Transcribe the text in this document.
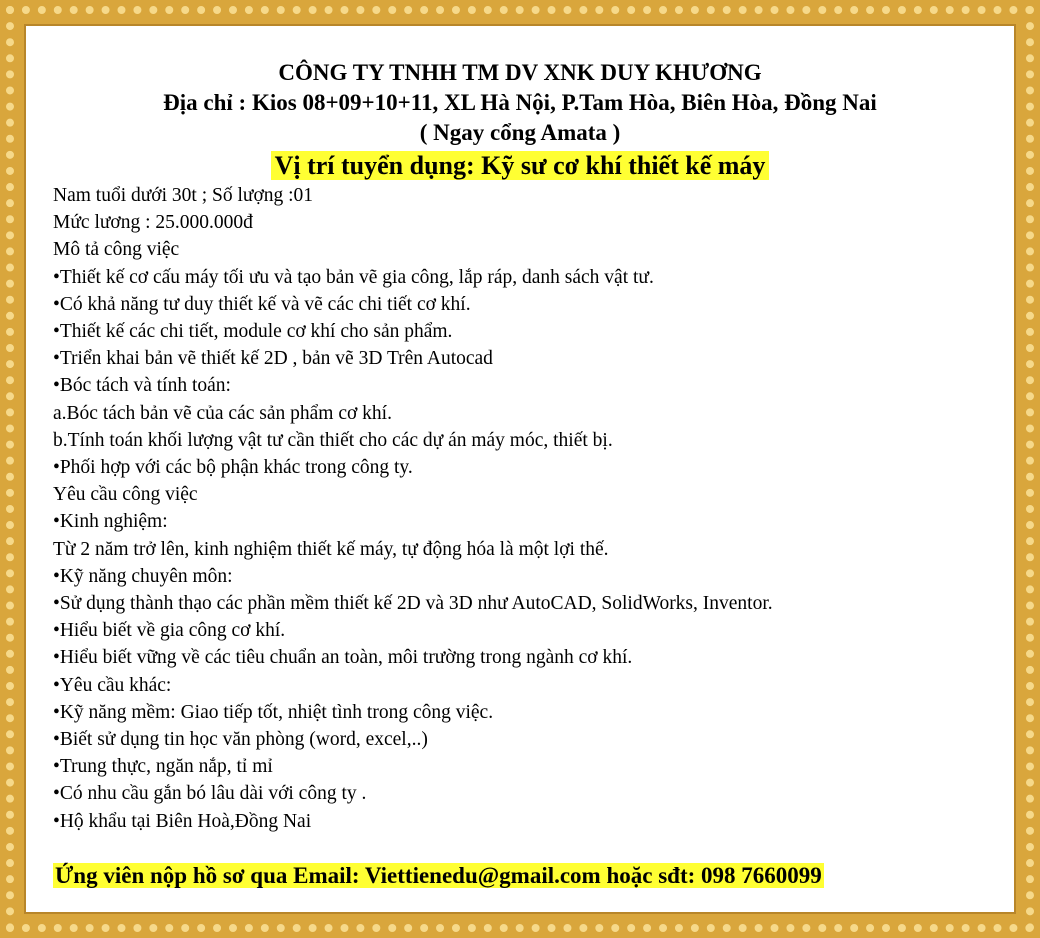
CÔNG TY TNHH TM DV XNK DUY KHƯƠNG
Địa chỉ : Kios 08+09+10+11, XL Hà Nội, P.Tam Hòa, Biên Hòa, Đồng Nai
( Ngay cổng Amata )
Vị trí tuyển dụng: Kỹ sư cơ khí thiết kế máy
Nam tuổi dưới 30t ; Số lượng :01
Mức lương : 25.000.000đ
Mô tả công việc
•Thiết kế cơ cấu máy tối ưu và tạo bản vẽ gia công, lắp ráp, danh sách vật tư.
•Có khả năng tư duy thiết kế và vẽ các chi tiết cơ khí.
•Thiết kế các chi tiết, module cơ khí cho sản phẩm.
•Triển khai bản vẽ thiết kế 2D , bản vẽ 3D Trên Autocad
•Bóc tách và tính toán:
a.Bóc tách bản vẽ của các sản phẩm cơ khí.
b.Tính toán khối lượng vật tư cần thiết cho các dự án máy móc, thiết bị.
•Phối hợp với các bộ phận khác trong công ty.
Yêu cầu công việc
•Kinh nghiệm:
Từ 2 năm trở lên, kinh nghiệm thiết kế máy, tự động hóa là một lợi thế.
•Kỹ năng chuyên môn:
•Sử dụng thành thạo các phần mềm thiết kế 2D và 3D như AutoCAD, SolidWorks, Inventor.
•Hiểu biết về gia công cơ khí.
•Hiểu biết vững về các tiêu chuẩn an toàn, môi trường trong ngành cơ khí.
•Yêu cầu khác:
•Kỹ năng mềm: Giao tiếp tốt, nhiệt tình trong công việc.
•Biết sử dụng tin học văn phòng (word, excel,..)
•Trung thực, ngăn nắp, tỉ mỉ
•Có nhu cầu gắn bó lâu dài với công ty .
•Hộ khẩu tại Biên Hoà,Đồng Nai
Ứng viên nộp hồ sơ qua Email: Viettienedu@gmail.com hoặc sđt: 098 7660099
